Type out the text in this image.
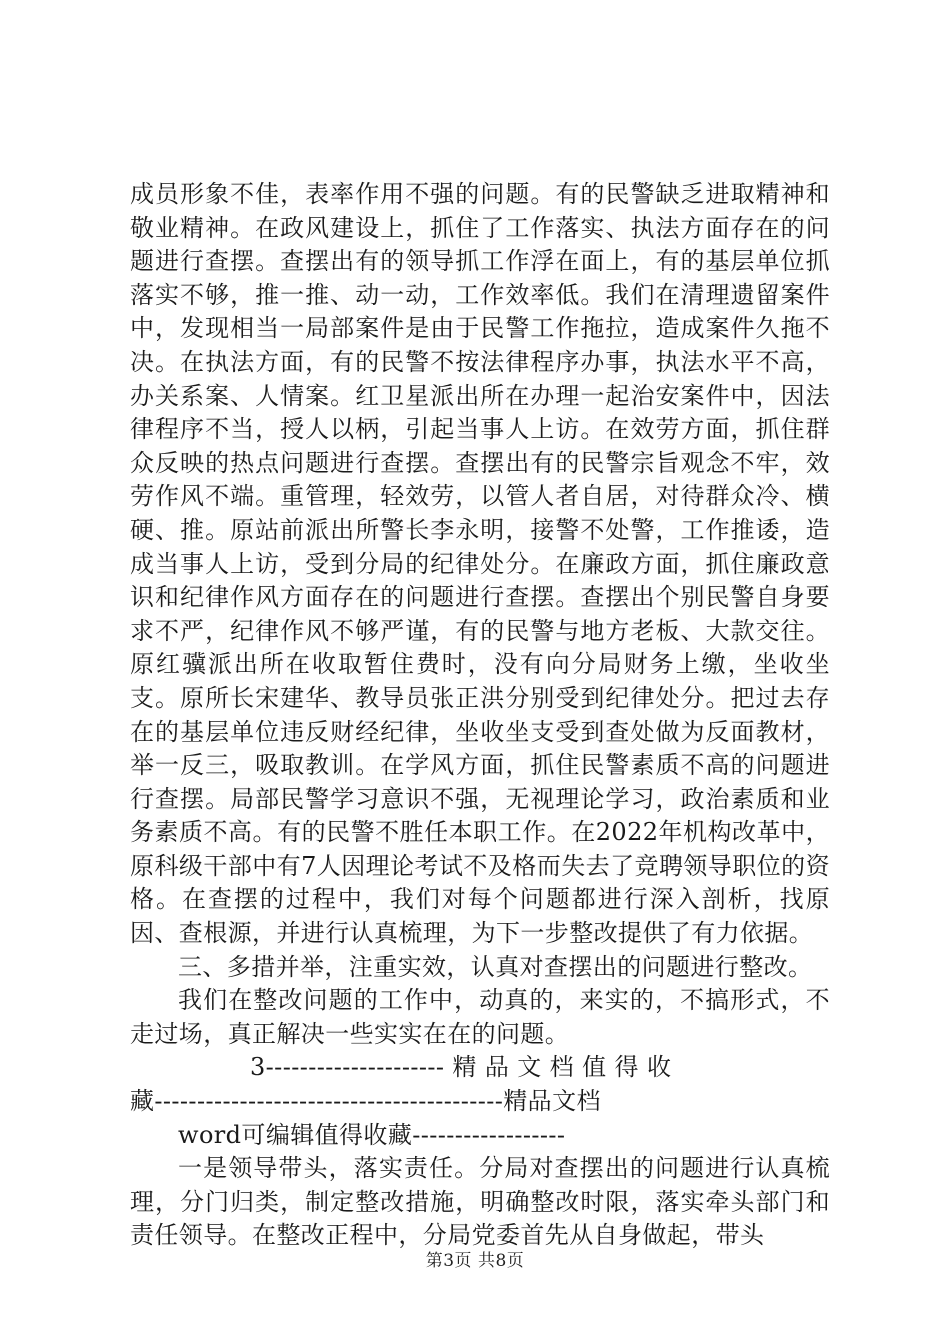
成员形象不佳，表率作用不强的问题。有的民警缺乏进取精神和敬业精神。在政风建设上，抓住了工作落实、执法方面存在的问题进行查摆。查摆出有的领导抓工作浮在面上，有的基层单位抓落实不够，推一推、动一动，工作效率低。我们在清理遗留案件中，发现相当一局部案件是由于民警工作拖拉，造成案件久拖不决。在执法方面，有的民警不按法律程序办事，执法水平不高，办关系案、人情案。红卫星派出所在办理一起治安案件中，因法律程序不当，授人以柄，引起当事人上访。在效劳方面，抓住群众反映的热点问题进行查摆。查摆出有的民警宗旨观念不牢，效劳作风不端。重管理，轻效劳，以管人者自居，对待群众冷、横硬、推。原站前派出所警长李永明，接警不处警，工作推诿，造成当事人上访，受到分局的纪律处分。在廉政方面，抓住廉政意识和纪律作风方面存在的问题进行查摆。查摆出个别民警自身要求不严，纪律作风不够严谨，有的民警与地方老板、大款交往。原红骥派出所在收取暂住费时，没有向分局财务上缴，坐收坐支。原所长宋建华、教导员张正洪分别受到纪律处分。把过去存在的基层单位违反财经纪律，坐收坐支受到查处做为反面教材，举一反三，吸取教训。在学风方面，抓住民警素质不高的问题进行查摆。局部民警学习意识不强，无视理论学习，政治素质和业务素质不高。有的民警不胜任本职工作。在2022年机构改革中，原科级干部中有7人因理论考试不及格而失去了竞聘领导职位的资格。在查摆的过程中，我们对每个问题都进行深入剖析，找原因、查根源，并进行认真梳理，为下一步整改提供了有力依据。

三、多措并举，注重实效，认真对查摆出的问题进行整改。

我们在整改问题的工作中，动真的，来实的，不搞形式，不走过场，真正解决一些实实在在的问题。

3--------------------- 精 品 文 档 值 得 收

藏-----------------------------------------精品文档

word可编辑值得收藏------------------

一是领导带头，落实责任。分局对查摆出的问题进行认真梳理，分门归类，制定整改措施，明确整改时限，落实牵头部门和责任领导。在整改正程中，分局党委首先从自身做起，带头

第3页 共8页
